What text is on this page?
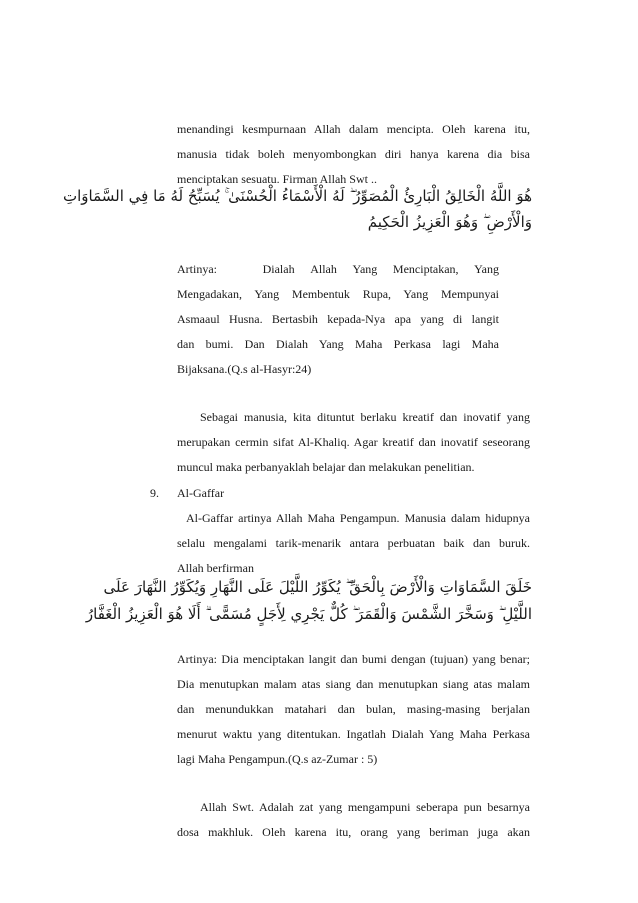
menandingi kesmpurnaan Allah dalam mencipta. Oleh karena itu,
manusia tidak boleh menyombongkan diri hanya karena dia bisa
menciptakan sesuatu. Firman Allah Swt ..
هُوَ اللَّهُ الْخَالِقُ الْبَارِئُ الْمُصَوِّرُ ۖ لَهُ الْأَسْمَاءُ الْحُسْنَىٰ ۚ يُسَبِّحُ لَهُ مَا فِي السَّمَاوَاتِ
وَالْأَرْضِ ۖ وَهُوَ الْعَزِيزُ الْحَكِيمُ
Artinya:	Dialah Allah Yang Menciptakan, Yang
Mengadakan, Yang Membentuk Rupa, Yang Mempunyai
Asmaaul Husna. Bertasbih kepada-Nya apa yang di langit
dan bumi. Dan Dialah Yang Maha Perkasa lagi Maha
Bijaksana.(Q.s al-Hasyr:24)
Sebagai manusia, kita dituntut berlaku kreatif dan inovatif yang
merupakan cermin sifat Al-Khaliq. Agar kreatif dan inovatif seseorang
muncul maka perbanyaklah belajar dan melakukan penelitian.
9. Al-Gaffar
Al-Gaffar artinya Allah Maha Pengampun. Manusia dalam hidupnya
selalu mengalami tarik-menarik antara perbuatan baik dan buruk.
Allah berfirman
خَلَقَ السَّمَاوَاتِ وَالْأَرْضَ بِالْحَقِّ ۖ يُكَوِّرُ اللَّيْلَ عَلَى النَّهَارِ وَيُكَوِّرُ النَّهَارَ عَلَى
اللَّيْلِ ۖ وَسَخَّرَ الشَّمْسَ وَالْقَمَرَ ۖ كُلٌّ يَجْرِي لِأَجَلٍ مُسَمًّى ۗ أَلَا هُوَ الْعَزِيزُ الْغَفَّارُ
Artinya: Dia menciptakan langit dan bumi dengan (tujuan) yang benar;
Dia menutupkan malam atas siang dan menutupkan siang atas malam
dan menundukkan matahari dan bulan, masing-masing berjalan
menurut waktu yang ditentukan. Ingatlah Dialah Yang Maha Perkasa
lagi Maha Pengampun.(Q.s az-Zumar : 5)
Allah Swt. Adalah zat yang mengampuni seberapa pun besarnya
dosa makhluk. Oleh karena itu, orang yang beriman juga akan
